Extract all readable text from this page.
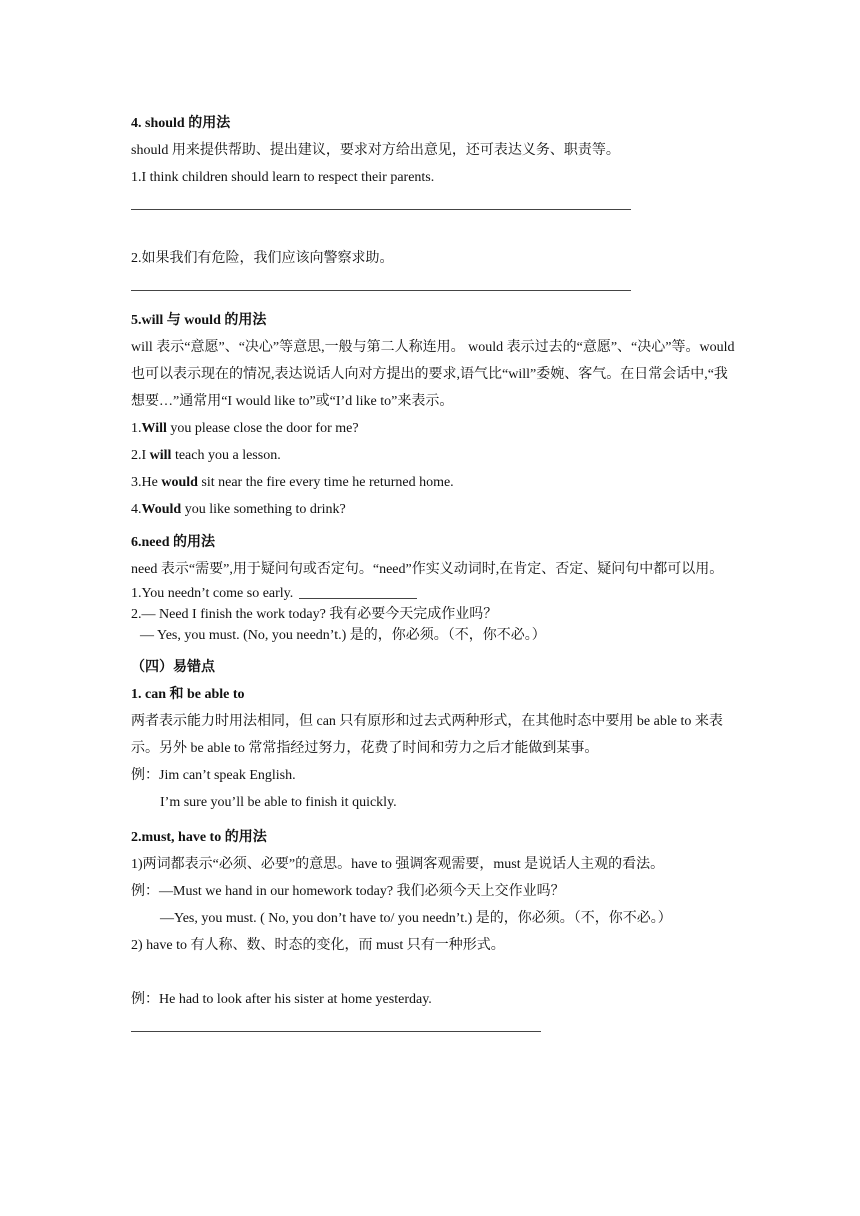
4. should 的用法

should 用来提供帮助、提出建议，要求对方给出意见，还可表达义务、职责等。

1.I think children should learn to respect their parents.

2.如果我们有危险，我们应该向警察求助。

5.will 与 would 的用法

will 表示“意愿”、“决心”等意思,一般与第二人称连用。 would 表示过去的“意愿”、“决心”等。would 也可以表示现在的情况,表达说话人向对方提出的要求,语气比“will”委婉、客气。在日常会话中,“我想要…”通常用“I would like to”或“I’d like to”来表示。

1.Will you please close the door for me?

2.I will teach you a lesson.

3.He would sit near the fire every time he returned home.

4.Would you like something to drink?

6.need 的用法

need 表示“需要”,用于疑问句或否定句。“need”作实义动词时,在肯定、否定、疑问句中都可以用。

1.You needn’t come so early.

2.— Need I finish the work today? 我有必要今天完成作业吗？

— Yes, you must. (No, you needn’t.) 是的，你必须。（不，你不必。）

（四）易错点

1. can 和 be able to

两者表示能力时用法相同，但 can 只有原形和过去式两种形式，在其他时态中要用 be able to 来表示。另外 be able to 常常指经过努力，花费了时间和劳力之后才能做到某事。

例：Jim can’t speak English.

I’m sure you’ll be able to finish it quickly.

2.must, have to 的用法

1)两词都表示“必须、必要”的意思。have to 强调客观需要，must 是说话人主观的看法。

例：—Must we hand in our homework today? 我们必须今天上交作业吗？

—Yes, you must. ( No, you don’t have to/ you needn’t.) 是的，你必须。（不，你不必。）

2) have to 有人称、数、时态的变化，而 must 只有一种形式。

例：He had to look after his sister at home yesterday.
